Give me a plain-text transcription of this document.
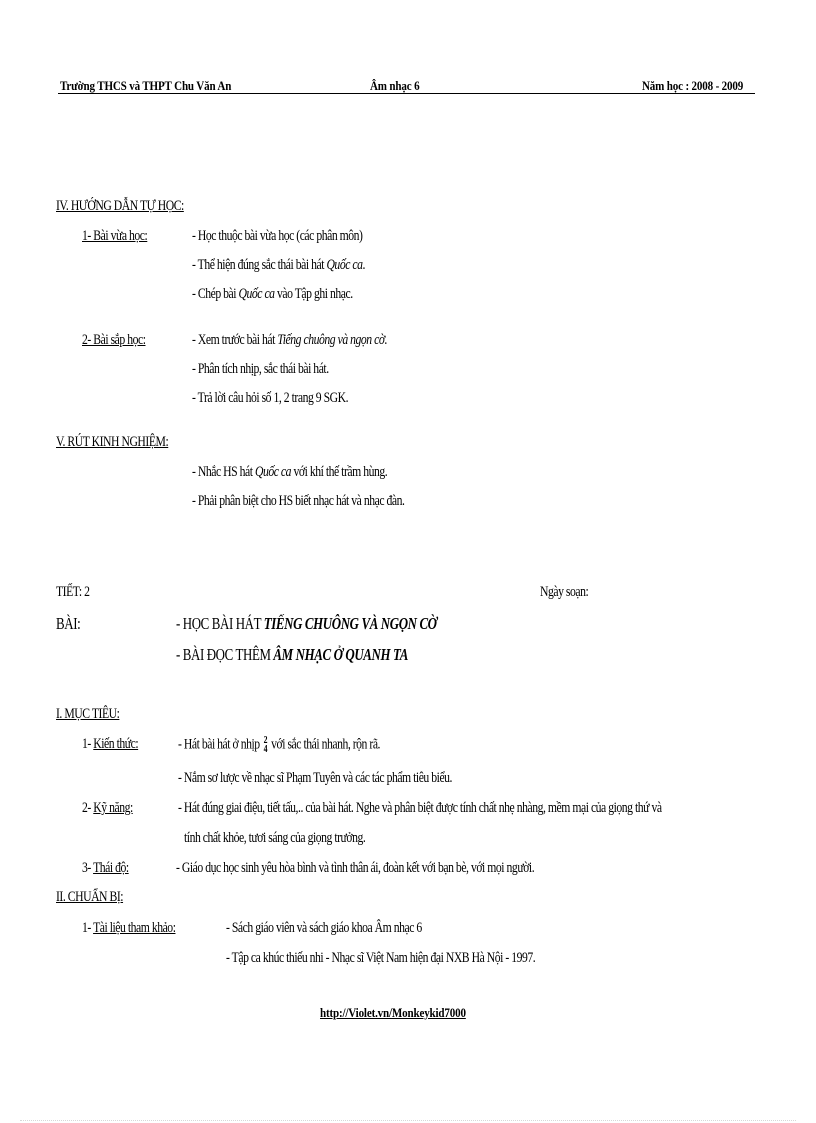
Trường THCS và THPT Chu Văn An	Âm nhạc 6	Năm học : 2008 - 2009
IV. HƯỚNG DẪN TỰ HỌC:
1- Bài vừa học:	- Học thuộc bài vừa học (các phân môn)
- Thể hiện đúng sắc thái bài hát Quốc ca.
- Chép bài Quốc ca vào Tập ghi nhạc.
2- Bài sắp học:	- Xem trước bài hát Tiếng chuông và ngọn cờ.
- Phân tích nhịp, sắc thái bài hát.
- Trả lời câu hỏi số 1, 2 trang 9 SGK.
V. RÚT KINH NGHIỆM:
- Nhắc HS hát Quốc ca với khí thế trầm hùng.
- Phải phân biệt cho HS biết nhạc hát và nhạc đàn.
TIẾT: 2	Ngày soạn:
BÀI:	- HỌC BÀI HÁT TIẾNG CHUÔNG VÀ NGỌN CỜ
- BÀI ĐỌC THÊM ÂM NHẠC Ở QUANH TA
I. MỤC TIÊU:
1- Kiến thức:	- Hát bài hát ở nhịp 2
4 với sắc thái nhanh, rộn rã.
- Nắm sơ lược về nhạc sĩ Phạm Tuyên và các tác phẩm tiêu biểu.
2- Kỹ năng:	- Hát đúng giai điệu, tiết tấu,.. của bài hát. Nghe và phân biệt được tính chất nhẹ nhàng, mềm mại của giọng thứ và
tính chất khỏe, tươi sáng của giọng trưởng.
3- Thái độ:	- Giáo dục học sinh yêu hòa bình và tình thân ái, đoàn kết với bạn bè, với mọi người.
II. CHUẨN BỊ:
1- Tài liệu tham khảo:	- Sách giáo viên và sách giáo khoa Âm nhạc 6
- Tập ca khúc thiếu nhi - Nhạc sĩ Việt Nam hiện đại NXB Hà Nội - 1997.
http://Violet.vn/Monkeykid7000
